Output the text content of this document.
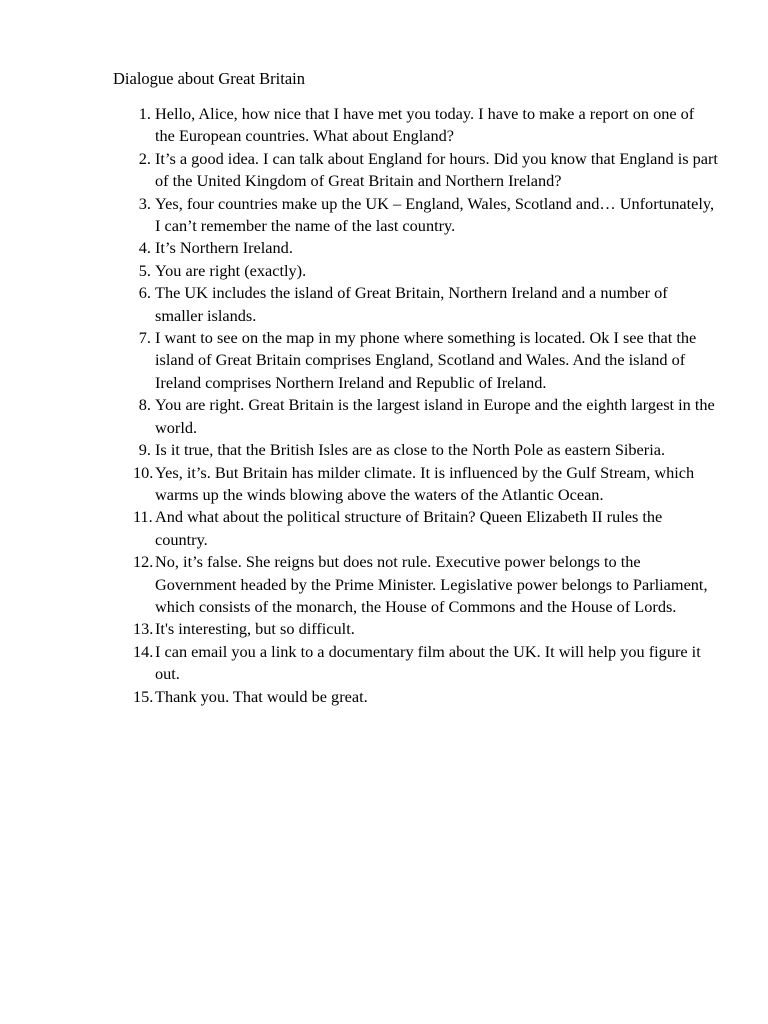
Dialogue about Great Britain

1. Hello, Alice, how nice that I have met you today. I have to make a report on one of the European countries. What about England?
2. It’s a good idea. I can talk about England for hours. Did you know that England is part of the United Kingdom of Great Britain and Northern Ireland?
3. Yes, four countries make up the UK – England, Wales, Scotland and… Unfortunately, I can’t remember the name of the last country.
4. It’s Northern Ireland.
5. You are right (exactly).
6. The UK includes the island of Great Britain, Northern Ireland and a number of smaller islands.
7. I want to see on the map in my phone where something is located. Ok I see that the island of Great Britain comprises England, Scotland and Wales. And the island of Ireland comprises Northern Ireland and Republic of Ireland.
8. You are right. Great Britain is the largest island in Europe and the eighth largest in the world.
9. Is it true, that the British Isles are as close to the North Pole as eastern Siberia.
10. Yes, it’s. But Britain has milder climate. It is influenced by the Gulf Stream, which warms up the winds blowing above the waters of the Atlantic Ocean.
11. And what about the political structure of Britain? Queen Elizabeth II rules the country.
12. No, it’s false. She reigns but does not rule. Executive power belongs to the Government headed by the Prime Minister. Legislative power belongs to Parliament, which consists of the monarch, the House of Commons and the House of Lords.
13. It's interesting, but so difficult.
14. I can email you a link to a documentary film about the UK. It will help you figure it out.
15. Thank you. That would be great.
